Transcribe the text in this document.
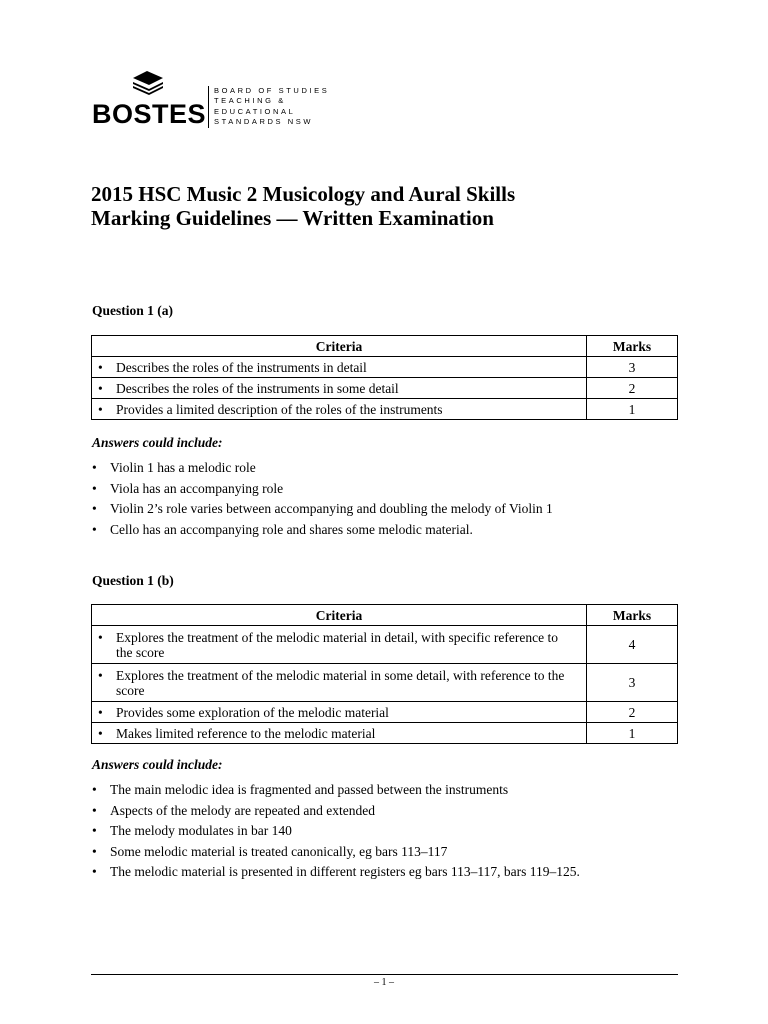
BOSTES
BOARD OF STUDIES
TEACHING &
EDUCATIONAL
STANDARDS NSW
2015 HSC Music 2 Musicology and Aural Skills
Marking Guidelines — Written Examination

Question 1 (a)

Criteria	Marks
• Describes the roles of the instruments in detail	3
• Describes the roles of the instruments in some detail	2
• Provides a limited description of the roles of the instruments	1

Answers could include:

• Violin 1 has a melodic role
• Viola has an accompanying role
• Violin 2’s role varies between accompanying and doubling the melody of Violin 1
• Cello has an accompanying role and shares some melodic material.

Question 1 (b)

Criteria	Marks
• Explores the treatment of the melodic material in detail, with specific reference to the score	4
• Explores the treatment of the melodic material in some detail, with reference to the score	3
• Provides some exploration of the melodic material	2
• Makes limited reference to the melodic material	1

Answers could include:

• The main melodic idea is fragmented and passed between the instruments
• Aspects of the melody are repeated and extended
• The melody modulates in bar 140
• Some melodic material is treated canonically, eg bars 113–117
• The melodic material is presented in different registers eg bars 113–117, bars 119–125.
– 1 –
